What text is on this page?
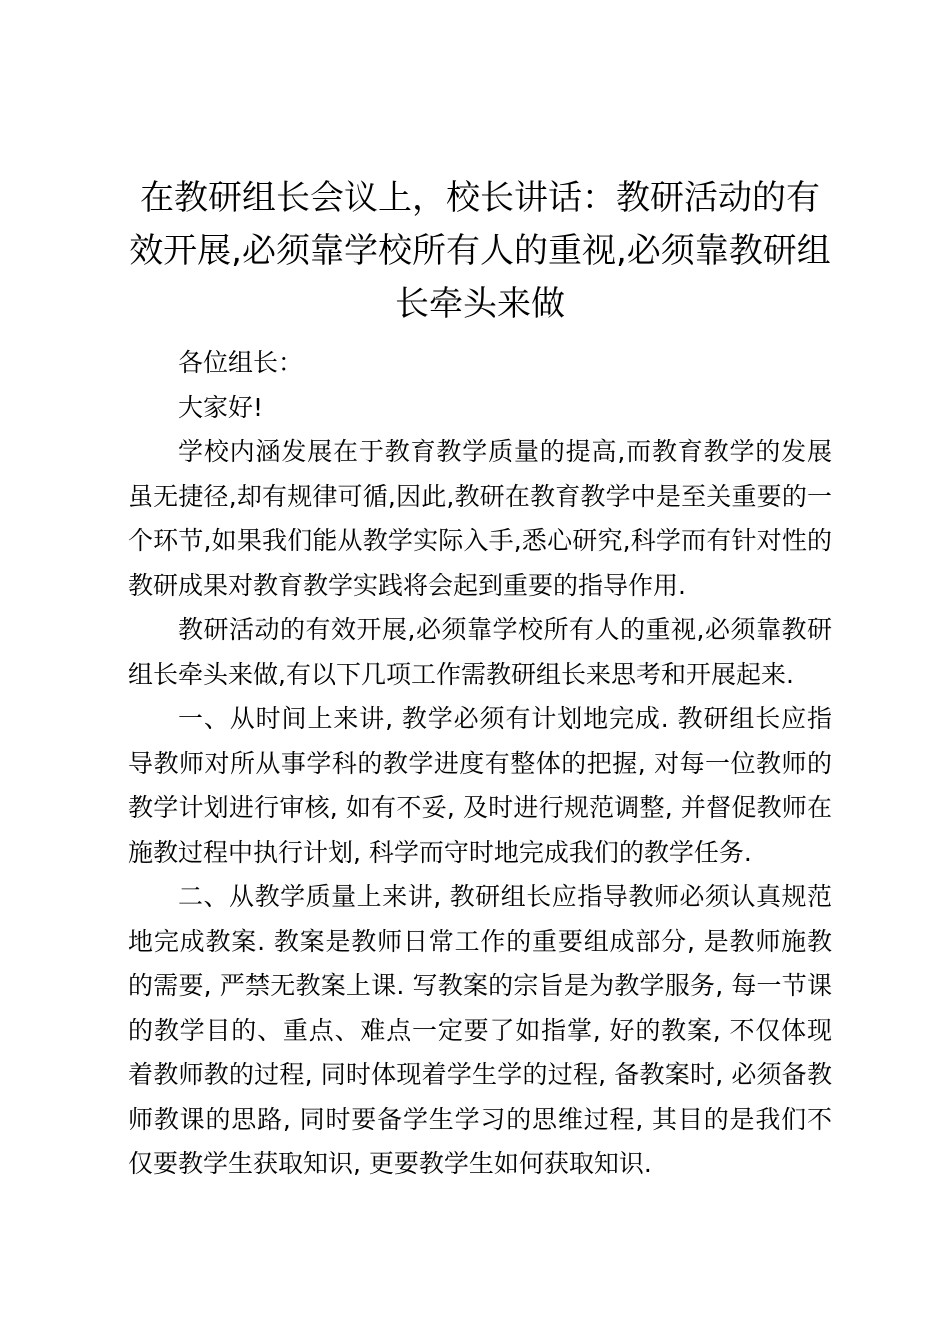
在教研组长会议上，校长讲话：教研活动的有效开展,必须靠学校所有人的重视,必须靠教研组长牵头来做

各位组长：

大家好!

学校内涵发展在于教育教学质量的提高,而教育教学的发展虽无捷径,却有规律可循,因此,教研在教育教学中是至关重要的一个环节,如果我们能从教学实际入手,悉心研究,科学而有针对性的教研成果对教育教学实践将会起到重要的指导作用.

教研活动的有效开展,必须靠学校所有人的重视,必须靠教研组长牵头来做,有以下几项工作需教研组长来思考和开展起来.

一、从时间上来讲, 教学必须有计划地完成. 教研组长应指导教师对所从事学科的教学进度有整体的把握, 对每一位教师的教学计划进行审核, 如有不妥, 及时进行规范调整, 并督促教师在施教过程中执行计划, 科学而守时地完成我们的教学任务.

二、从教学质量上来讲, 教研组长应指导教师必须认真规范地完成教案. 教案是教师日常工作的重要组成部分, 是教师施教的需要, 严禁无教案上课. 写教案的宗旨是为教学服务, 每一节课的教学目的、重点、难点一定要了如指掌, 好的教案, 不仅体现着教师教的过程, 同时体现着学生学的过程, 备教案时, 必须备教师教课的思路, 同时要备学生学习的思维过程, 其目的是我们不仅要教学生获取知识, 更要教学生如何获取知识.
